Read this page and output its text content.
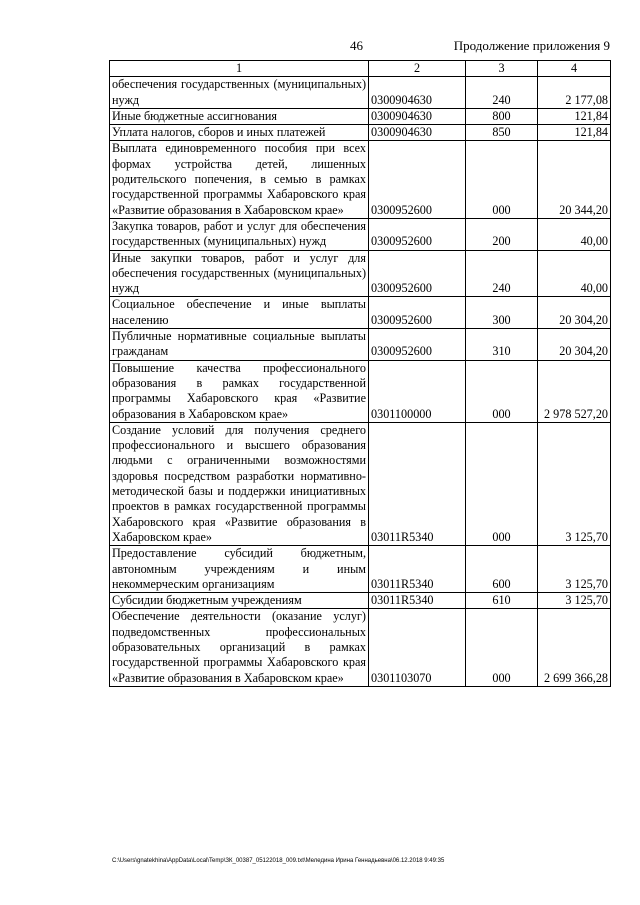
46	Продолжение приложения 9
1	2	3	4
обеспечения государственных (муниципальных) нужд	0300904630	240	2 177,08
Иные бюджетные ассигнования	0300904630	800	121,84
Уплата налогов, сборов и иных платежей	0300904630	850	121,84
Выплата единовременного пособия при всех формах устройства детей, лишенных родительского попечения, в семью в рамках государственной программы Хабаровского края «Развитие образования в Хабаровском крае»	0300952600	000	20 344,20
Закупка товаров, работ и услуг для обеспечения государственных (муниципальных) нужд	0300952600	200	40,00
Иные закупки товаров, работ и услуг для обеспечения государственных (муниципальных) нужд	0300952600	240	40,00
Социальное обеспечение и иные выплаты населению	0300952600	300	20 304,20
Публичные нормативные социальные выплаты гражданам	0300952600	310	20 304,20
Повышение качества профессионального образования в рамках государственной программы Хабаровского края «Развитие образования в Хабаровском крае»	0301100000	000	2 978 527,20
Создание условий для получения среднего профессионального и высшего образования людьми с ограниченными возможностями здоровья посредством разработки нормативно-методической базы и поддержки инициативных проектов в рамках государственной программы Хабаровского края «Развитие образования в Хабаровском крае»	03011R5340	000	3 125,70
Предоставление субсидий бюджетным, автономным учреждениям и иным некоммерческим организациям	03011R5340	600	3 125,70
Субсидии бюджетным учреждениям	03011R5340	610	3 125,70
Обеспечение деятельности (оказание услуг) подведомственных профессиональных образовательных организаций в рамках государственной программы Хабаровского края «Развитие образования в Хабаровском крае»	0301103070	000	2 699 366,28
C:\Users\gnatekhina\AppData\Local\Temp\ЗК_00387_05122018_009.txt\Меледина Ирина Геннадьевна\06.12.2018 9:49:35
